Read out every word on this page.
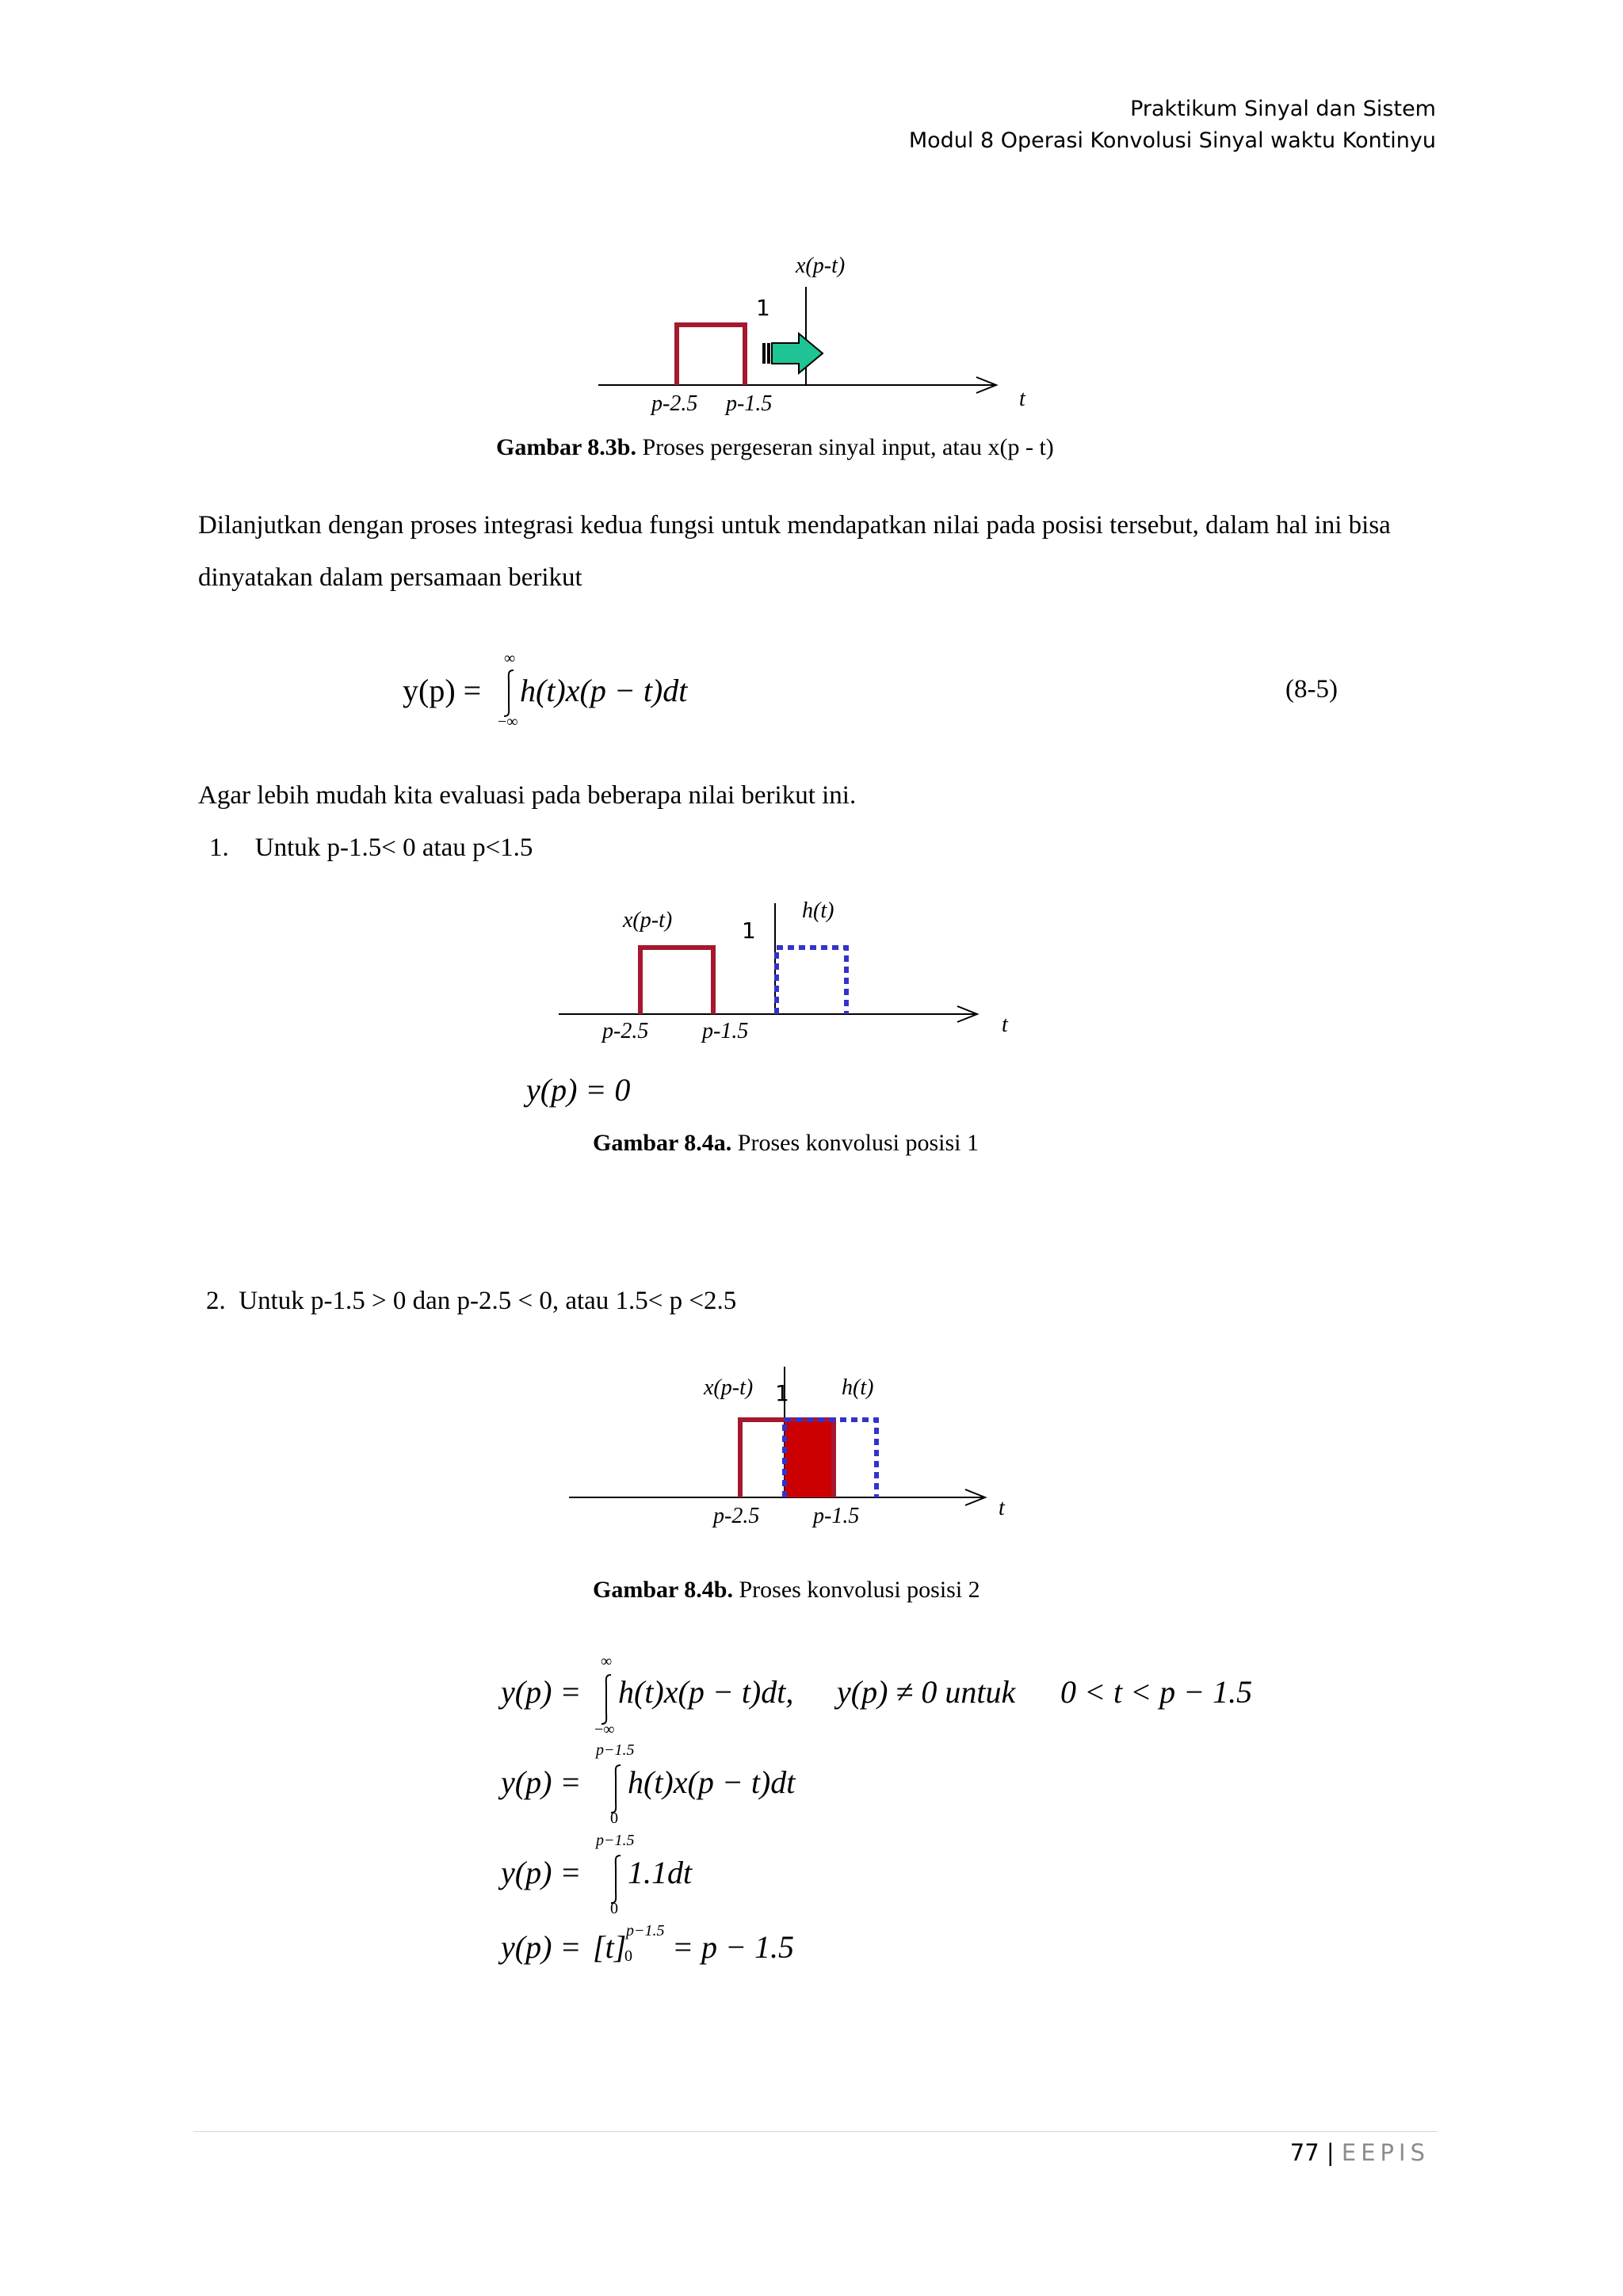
Praktikum Sinyal dan Sistem
Modul 8 Operasi Konvolusi Sinyal waktu Kontinyu
x(p-t)
1
p-2.5 p-1.5	t
Gambar 8.3b. Proses pergeseran sinyal input, atau x(p - t)
Dilanjutkan dengan proses integrasi kedua fungsi untuk mendapatkan nilai pada posisi tersebut, dalam hal ini bisa dinyatakan dalam persamaan berikut
y(p) =
∞
−∞
h(t)x(p − t)dt	(8-5)
Agar lebih mudah kita evaluasi pada beberapa nilai berikut ini.
1.    Untuk p-1.5< 0 atau p<1.5
x(p-t)	1
h(t)
p-2.5 p-1.5	t
y(p) = 0
Gambar 8.4a. Proses konvolusi posisi 1
2.  Untuk p-1.5 > 0 dan p-2.5 < 0, atau 1.5< p <2.5
x(p-t) 1 h(t)
p-2.5 p-1.5	t
Gambar 8.4b. Proses konvolusi posisi 2
y(p) =
∞
−∞
h(t)x(p − t)dt, y(p) ≠ 0 untuk 0 < t < p − 1.5
y(p) =
p−1.5
0
h(t)x(p − t)dt
y(p) =
p−1.5
0
1.1dt
y(p) = [t] p−1.5
0 = p − 1.5
77 | EEPIS
